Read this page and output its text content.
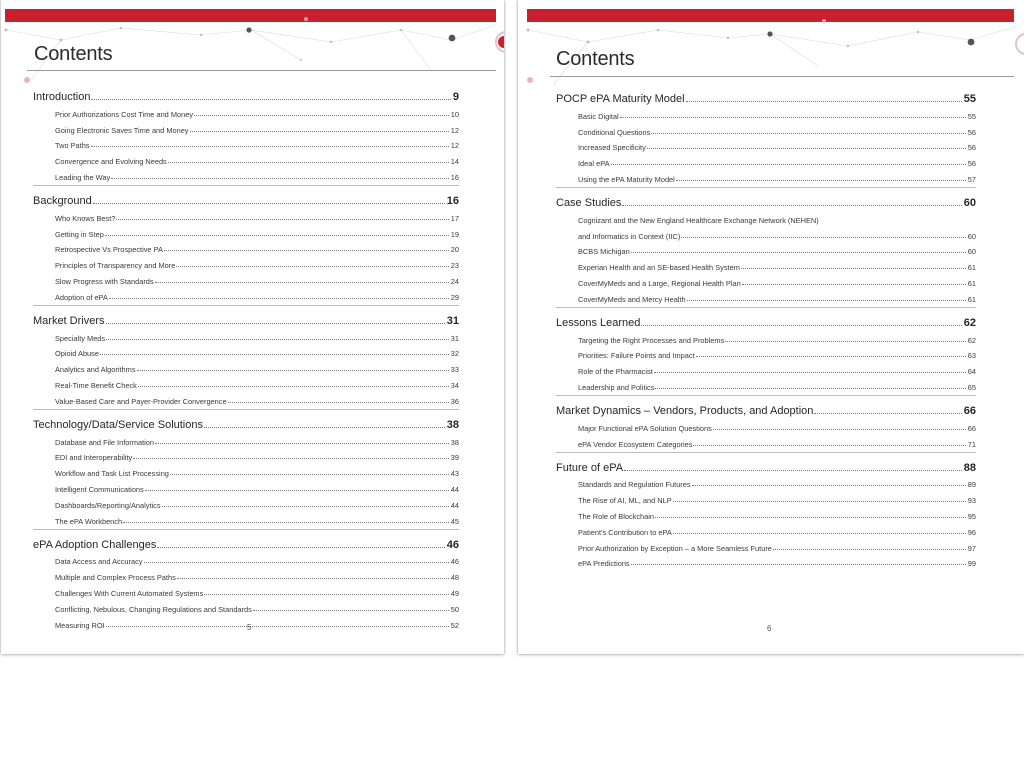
Contents
Introduction	9
Prior Authorizations Cost Time and Money	10
Going Electronic Saves Time and Money	12
Two Paths	12
Convergence and Evolving Needs	14
Leading the Way	16
Background	16
Who Knows Best?	17
Getting in Step	19
Retrospective Vs Prospective PA	20
Principles of Transparency and More	23
Slow Progress with Standards	24
Adoption of ePA	29
Market Drivers	31
Specialty Meds	31
Opioid Abuse	32
Analytics and Algorithms	33
Real-Time Benefit Check	34
Value-Based Care and Payer-Provider Convergence	36
Technology/Data/Service Solutions	38
Database and File Information	38
EDI and Interoperability	39
Workflow and Task List Processing	43
Intelligent Communications	44
Dashboards/Reporting/Analytics	44
The ePA Workbench	45
ePA Adoption Challenges	46
Data Access and Accuracy	46
Multiple and Complex Process Paths	48
Challenges With Current Automated Systems	49
Conflicting, Nebulous, Changing Regulations and Standards	50
Measuring ROI	52
5
Contents
POCP ePA Maturity Model	55
Basic Digital	55
Conditional Questions	56
Increased Specificity	56
Ideal ePA	56
Using the ePA Maturity Model	57
Case Studies	60
Cognizant and the New England Healthcare Exchange Network (NEHEN)
and Informatics in Context (IIC)	60
BCBS Michigan	60
Experian Health and an SE-based Health System	61
CoverMyMeds and a Large, Regional Health Plan	61
CoverMyMeds and Mercy Health	61
Lessons Learned	62
Targeting the Right Processes and Problems	62
Priorities: Failure Points and Impact	63
Role of the Pharmacist	64
Leadership and Politics	65
Market Dynamics – Vendors, Products, and Adoption	66
Major Functional ePA Solution Questions	66
ePA Vendor Ecosystem Categories	71
Future of ePA	88
Standards and Regulation Futures	89
The Rise of AI, ML, and NLP	93
The Role of Blockchain	95
Patient’s Contribution to ePA	96
Prior Authorization by Exception – a More Seamless Future	97
ePA Predictions	99
6
